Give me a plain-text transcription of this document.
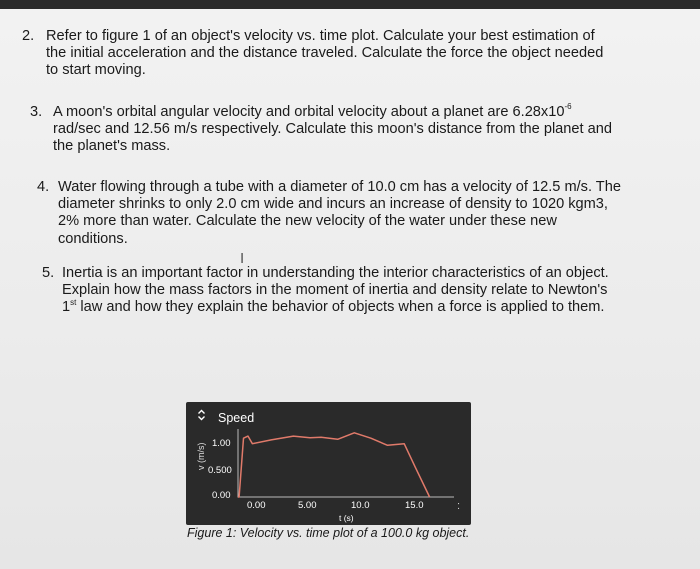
2. Refer to figure 1 of an object's velocity vs. time plot. Calculate your best estimation of
the initial acceleration and the distance traveled. Calculate the force the object needed
to start moving.
3. A moon's orbital angular velocity and orbital velocity about a planet are $6.28x10^{-6}$
rad/sec and 12.56 m/s respectively. Calculate this moon's distance from the planet and
the planet's mass.
4. Water flowing through a tube with a diameter of 10.0 cm has a velocity of 12.5 m/s. The
diameter shrinks to only 2.0 cm wide and incurs an increase of density to 1020 kgm3,
2% more than water. Calculate the new velocity of the water under these new
conditions.
I
5. Inertia is an important factor in understanding the interior characteristics of an object.
Explain how the mass factors in the moment of inertia and density relate to Newton's
1st law and how they explain the behavior of objects when a force is applied to them.
Speed
v (m/s) 1.00
0.500
0.00
0.00	5.00	10.0	15.0
t (s)
:
Figure 1: Velocity vs. time plot of a 100.0 kg object.
